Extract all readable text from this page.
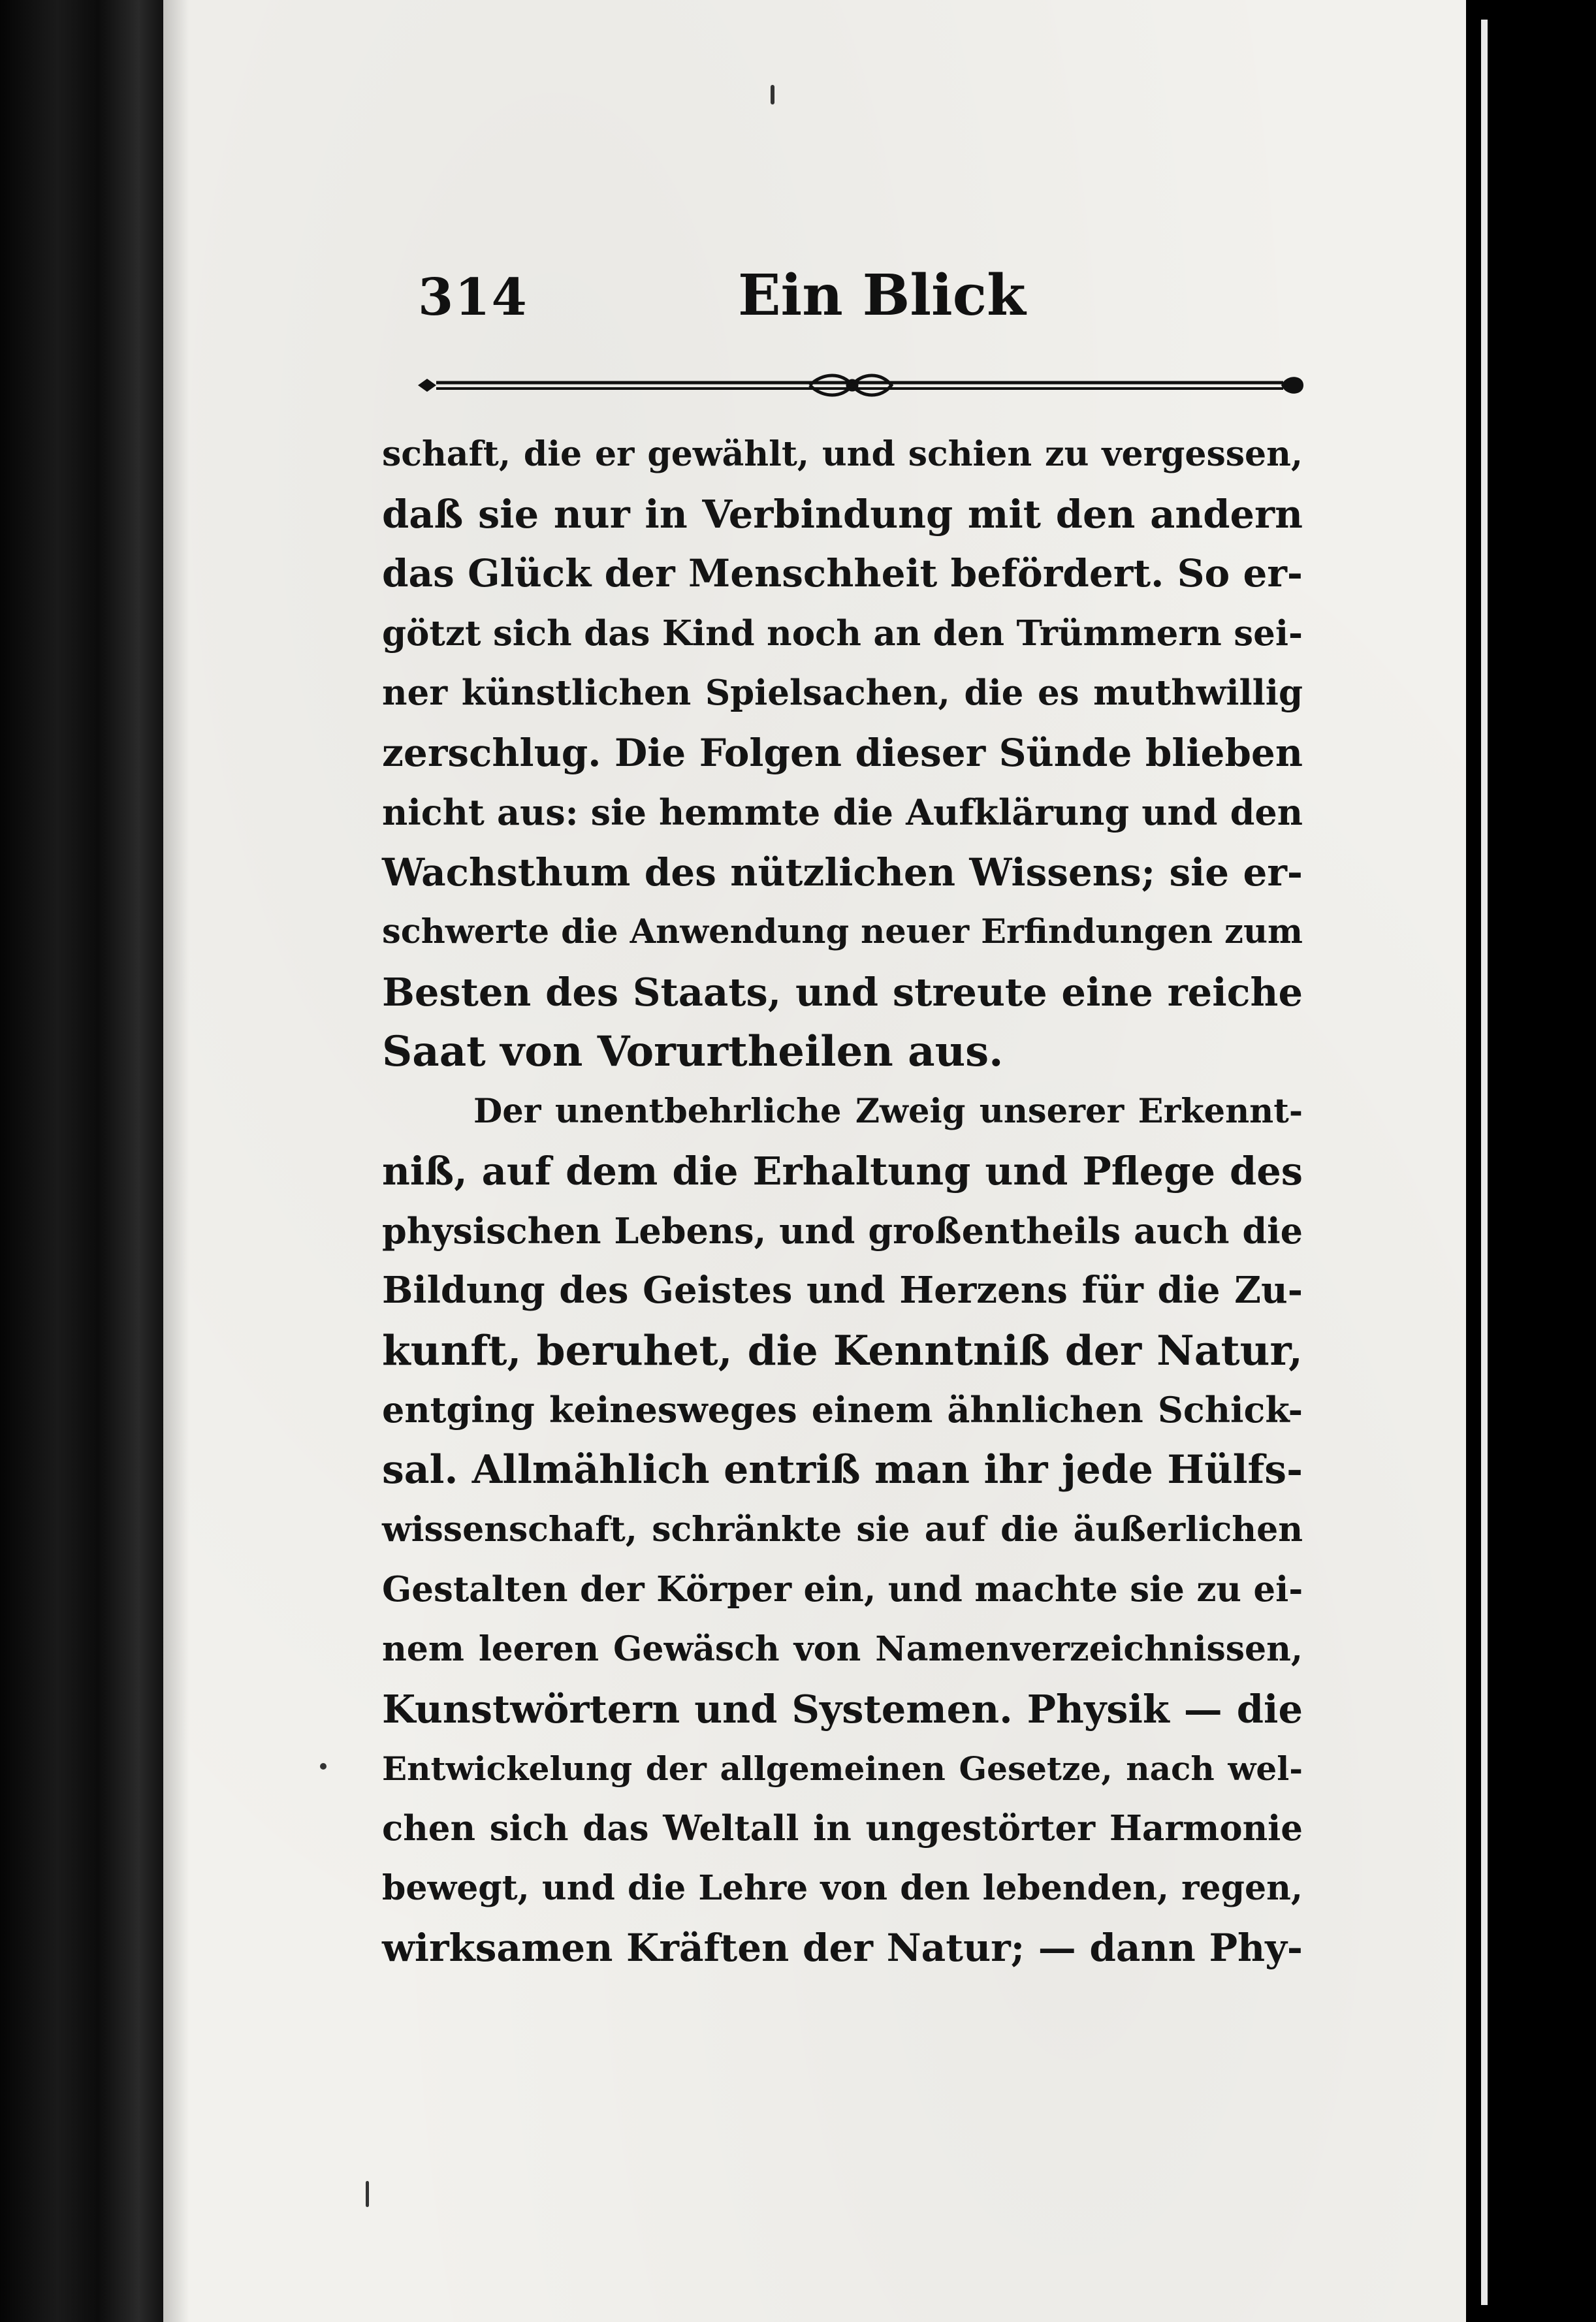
314	Ein Blick
schaft, die er gewählt, und schien zu vergessen,
daß sie nur in Verbindung mit den andern
das Glück der Menschheit befördert. So er-
götzt sich das Kind noch an den Trümmern sei-
ner künstlichen Spielsachen, die es muthwillig
zerschlug. Die Folgen dieser Sünde blieben
nicht aus: sie hemmte die Aufklärung und den
Wachsthum des nützlichen Wissens; sie er-
schwerte die Anwendung neuer Erfindungen zum
Besten des Staats, und streute eine reiche
Saat von Vorurtheilen aus.
Der unentbehrliche Zweig unserer Erkennt-
niß, auf dem die Erhaltung und Pflege des
physischen Lebens, und großentheils auch die
Bildung des Geistes und Herzens für die Zu-
kunft, beruhet, die Kenntniß der Natur,
entging keinesweges einem ähnlichen Schick-
sal. Allmählich entriß man ihr jede Hülfs-
wissenschaft, schränkte sie auf die äußerlichen
Gestalten der Körper ein, und machte sie zu ei-
nem leeren Gewäsch von Namenverzeichnissen,
Kunstwörtern und Systemen. Physik — die
Entwickelung der allgemeinen Gesetze, nach wel-
chen sich das Weltall in ungestörter Harmonie
bewegt, und die Lehre von den lebenden, regen,
wirksamen Kräften der Natur; — dann Phy-
